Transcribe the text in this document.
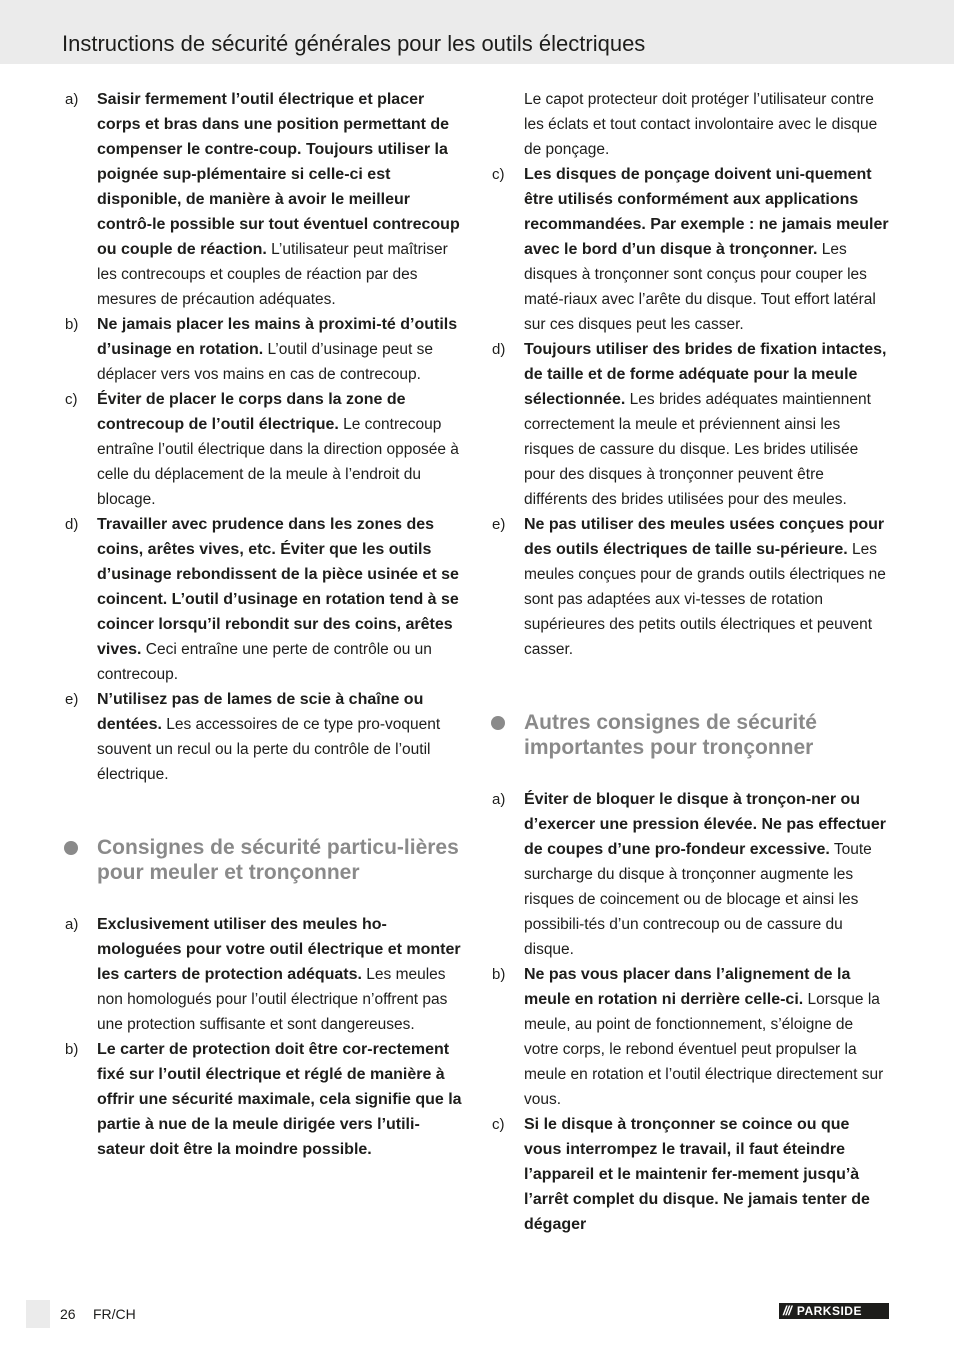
Instructions de sécurité générales pour les outils électriques
a) Saisir fermement l’outil électrique et placer corps et bras dans une position permettant de compenser le contre-coup. Toujours utiliser la poignée sup-plémentaire si celle-ci est disponible, de manière à avoir le meilleur contrô-le possible sur tout éventuel contrecoup ou couple de réaction. L’utilisateur peut maîtriser les contrecoups et couples de réaction par des mesures de précaution adéquates.
b) Ne jamais placer les mains à proximi-té d’outils d’usinage en rotation. L’outil d’usinage peut se déplacer vers vos mains en cas de contrecoup.
c) Éviter de placer le corps dans la zone de contrecoup de l’outil électrique. Le contrecoup entraîne l’outil électrique dans la direction opposée à celle du déplacement de la meule à l’endroit du blocage.
d) Travailler avec prudence dans les zones des coins, arêtes vives, etc. Éviter que les outils d’usinage rebondissent de la pièce usinée et se coincent. L’outil d’usinage en rotation tend à se coincer lorsqu’il rebondit sur des coins, arêtes vives. Ceci entraîne une perte de contrôle ou un contrecoup.
e) N’utilisez pas de lames de scie à chaîne ou dentées. Les accessoires de ce type pro-voquent souvent un recul ou la perte du contrôle de l’outil électrique.
Consignes de sécurité particu-lières pour meuler et tronçonner
a) Exclusivement utiliser des meules ho-mologuées pour votre outil électrique et monter les carters de protection adéquats. Les meules non homologués pour l’outil électrique n’offrent pas une protection suffisante et sont dangereuses.
b) Le carter de protection doit être cor-rectement fixé sur l’outil électrique et réglé de manière à offrir une sécurité maximale, cela signifie que la partie à nue de la meule dirigée vers l’utili-sateur doit être la moindre possible.
Le capot protecteur doit protéger l’utilisateur contre les éclats et tout contact involontaire avec le disque de ponçage.
c) Les disques de ponçage doivent uni-quement être utilisés conformément aux applications recommandées. Par exemple : ne jamais meuler avec le bord d’un disque à tronçonner. Les disques à tronçonner sont conçus pour couper les maté-riaux avec l’arête du disque. Tout effort latéral sur ces disques peut les casser.
d) Toujours utiliser des brides de fixation intactes, de taille et de forme adéquate pour la meule sélectionnée. Les brides adéquates maintiennent correctement la meule et préviennent ainsi les risques de cassure du disque. Les brides utilisée pour des disques à tronçonner peuvent être différents des brides utilisées pour des meules.
e) Ne pas utiliser des meules usées conçues pour des outils électriques de taille su-périeure. Les meules conçues pour de grands outils électriques ne sont pas adaptées aux vi-tesses de rotation supérieures des petits outils électriques et peuvent casser.
Autres consignes de sécurité importantes pour tronçonner
a) Éviter de bloquer le disque à tronçon-ner ou d’exercer une pression élevée. Ne pas effectuer de coupes d’une pro-fondeur excessive. Toute surcharge du disque à tronçonner augmente les risques de coincement ou de blocage et ainsi les possibili-tés d’un contrecoup ou de cassure du disque.
b) Ne pas vous placer dans l’alignement de la meule en rotation ni derrière celle-ci. Lorsque la meule, au point de fonctionnement, s’éloigne de votre corps, le rebond éventuel peut propulser la meule en rotation et l’outil électrique directement sur vous.
c) Si le disque à tronçonner se coince ou que vous interrompez le travail, il faut éteindre l’appareil et le maintenir fer-mement jusqu’à l’arrêt complet du disque. Ne jamais tenter de dégager
26 FR/CH	/// PARKSIDE
